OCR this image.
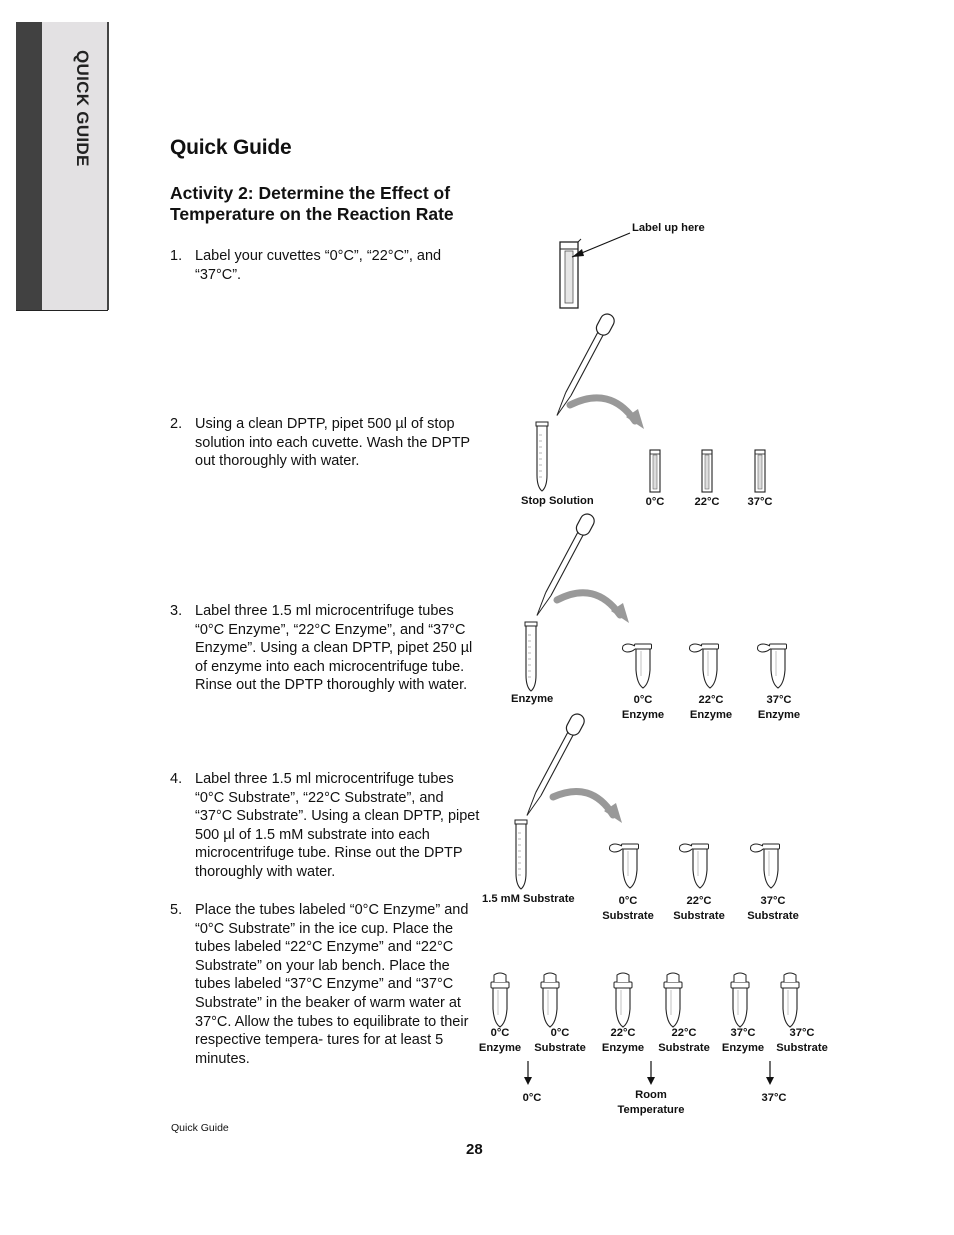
QUICK GUIDE	Quick Guide
Activity 2: Determine the Effect of Temperature on the Reaction Rate
1. Label your cuvettes “0°C”, “22°C”, and “37°C”.
2. Using a clean DPTP, pipet 500 µl of stop solution into each cuvette. Wash the DPTP out thoroughly with water.
3. Label three 1.5 ml microcentrifuge tubes “0°C Enzyme”, “22°C Enzyme”, and “37°C Enzyme”. Using a clean DPTP, pipet 250 µl of enzyme into each microcentrifuge tube. Rinse out the DPTP thoroughly with water.
4. Label three 1.5 ml microcentrifuge tubes “0°C Substrate”, “22°C Substrate”, and “37°C Substrate”. Using a clean DPTP, pipet 500 µl of 1.5 mM substrate into each microcentrifuge tube. Rinse out the DPTP thoroughly with water.
5. Place the tubes labeled “0°C Enzyme” and “0°C Substrate” in the ice cup. Place the tubes labeled “22°C Enzyme” and “22°C Substrate” on your lab bench. Place the tubes labeled “37°C Enzyme” and “37°C Substrate” in the beaker of warm water at 37°C. Allow the tubes to equilibrate to their respective tempera- tures for at least 5 minutes.
Label up here
Stop Solution	0°C	22°C	37°C
Enzyme	0°C
Enzyme
22°C
Enzyme
37°C
Enzyme
1.5 mM Substrate	0°C
Substrate
22°C
Substrate
37°C
Substrate
0°C
Enzyme
0°C
Substrate
22°C
Enzyme
22°C
Substrate
37°C
Enzyme
37°C
Substrate
0°C	Room
Temperature
37°C
Quick Guide
28
